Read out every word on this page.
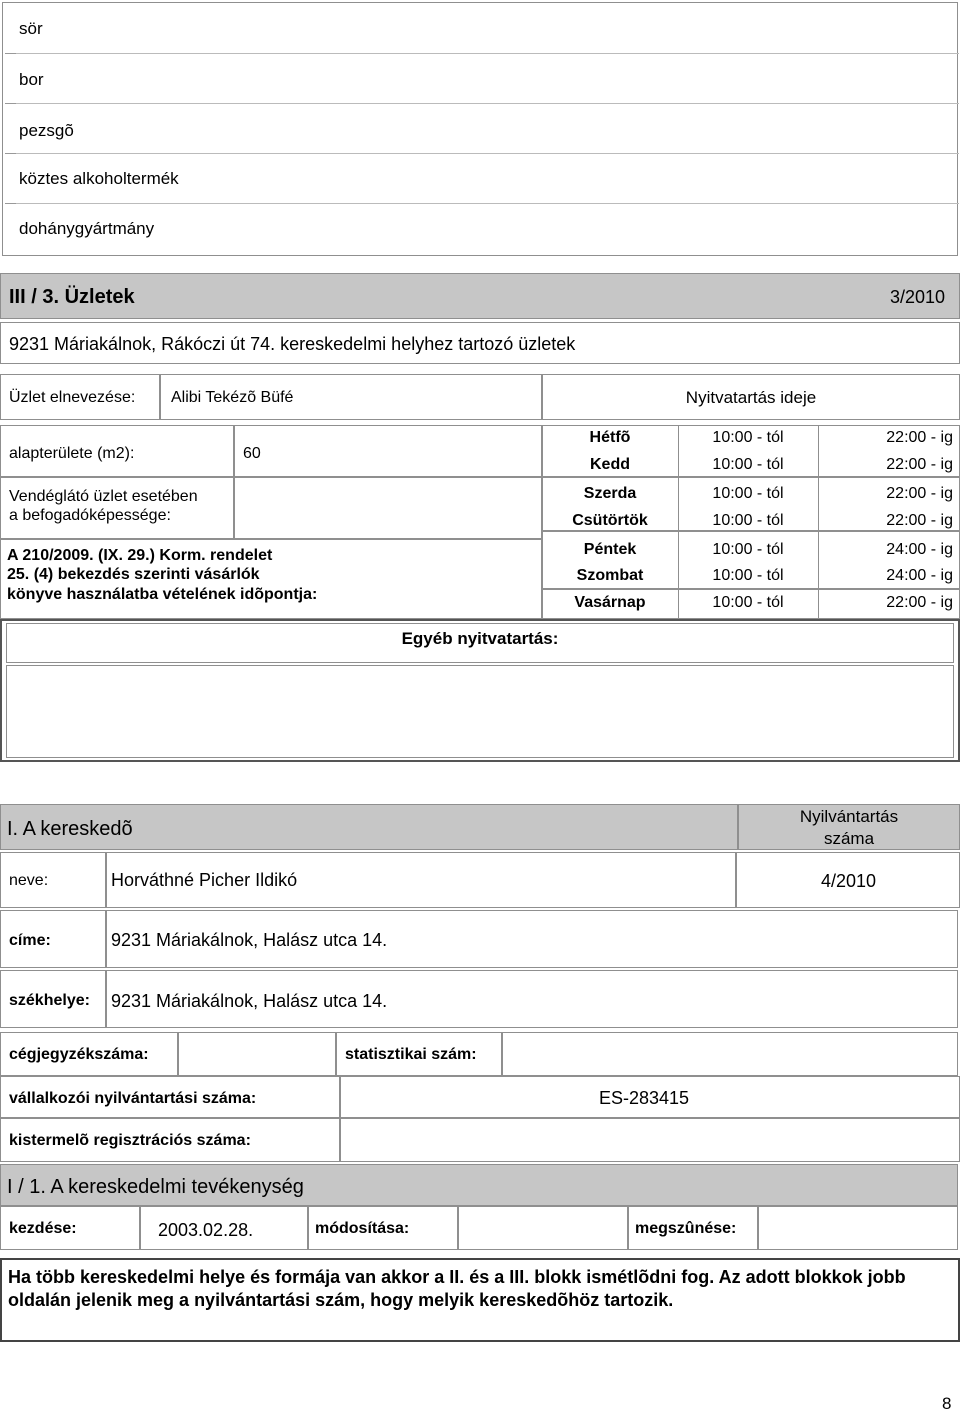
sör
bor
pezsgõ
köztes alkoholtermék
dohánygyártmány
III / 3. Üzletek	3/2010
9231 Máriakálnok, Rákóczi út 74. kereskedelmi helyhez tartozó üzletek
Üzlet elnevezése: Alibi Tekézõ Büfé	Nyitvatartás ideje
alapterülete (m2):	60
Vendéglátó üzlet esetében
a befogadóképessége:
A 210/2009. (IX. 29.) Korm. rendelet
25. (4) bekezdés szerinti vásárlók
könyve használatba vételének idõpontja:
Hétfõ	10:00 - tól	22:00 - ig
Kedd	10:00 - tól	22:00 - ig
Szerda	10:00 - tól	22:00 - ig
Csütörtök	10:00 - tól	22:00 - ig
Péntek	10:00 - tól	24:00 - ig
Szombat	10:00 - tól	24:00 - ig
Vasárnap	10:00 - tól	22:00 - ig
Egyéb nyitvatartás:
I. A kereskedõ
Nyilvántartás
száma
neve:	Horváthné Picher Ildikó	4/2010
címe:	9231 Máriakálnok, Halász utca 14.
székhelye: 9231 Máriakálnok, Halász utca 14.
cégjegyzékszáma:	statisztikai szám:
vállalkozói nyilvántartási száma:	ES-283415
kistermelõ regisztrációs száma:
I / 1. A kereskedelmi tevékenység
kezdése:	2003.02.28.	módosítása:	megszûnése:
Ha több kereskedelmi helye és formája van akkor a II. és a III. blokk ismétlõdni fog. Az adott blokkok jobb oldalán jelenik meg a nyilvántartási szám, hogy melyik kereskedõhöz tartozik.
8
